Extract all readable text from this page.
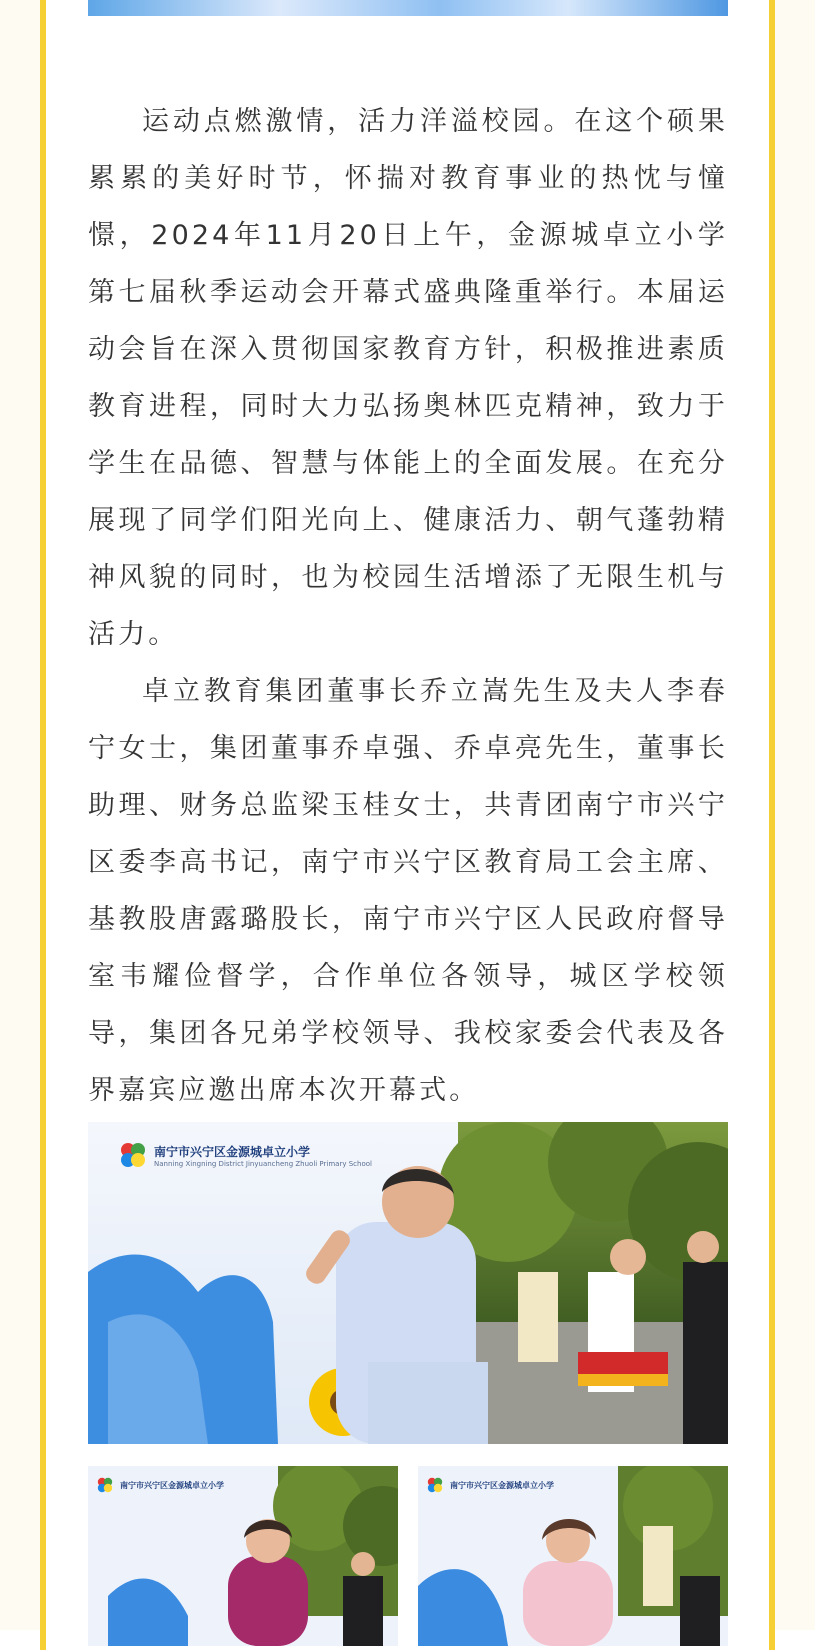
运动点燃激情，活力洋溢校园。在这个硕果累累的美好时节，怀揣对教育事业的热忱与憧憬，2024年11月20日上午，金源城卓立小学第七届秋季运动会开幕式盛典隆重举行。本届运动会旨在深入贯彻国家教育方针，积极推进素质教育进程，同时大力弘扬奥林匹克精神，致力于学生在品德、智慧与体能上的全面发展。在充分展现了同学们阳光向上、健康活力、朝气蓬勃精神风貌的同时，也为校园生活增添了无限生机与活力。

卓立教育集团董事长乔立嵩先生及夫人李春宁女士，集团董事乔卓强、乔卓亮先生，董事长助理、财务总监梁玉桂女士，共青团南宁市兴宁区委李高书记，南宁市兴宁区教育局工会主席、基教股唐露璐股长，南宁市兴宁区人民政府督导室韦耀俭督学，合作单位各领导，城区学校领导，集团各兄弟学校领导、我校家委会代表及各界嘉宾应邀出席本次开幕式。

南宁市兴宁区金源城卓立小学
Nanning Xingning District Jinyuancheng Zhuoli Primary School
南宁市兴宁区金源城卓立小学	南宁市兴宁区金源城卓立小学
